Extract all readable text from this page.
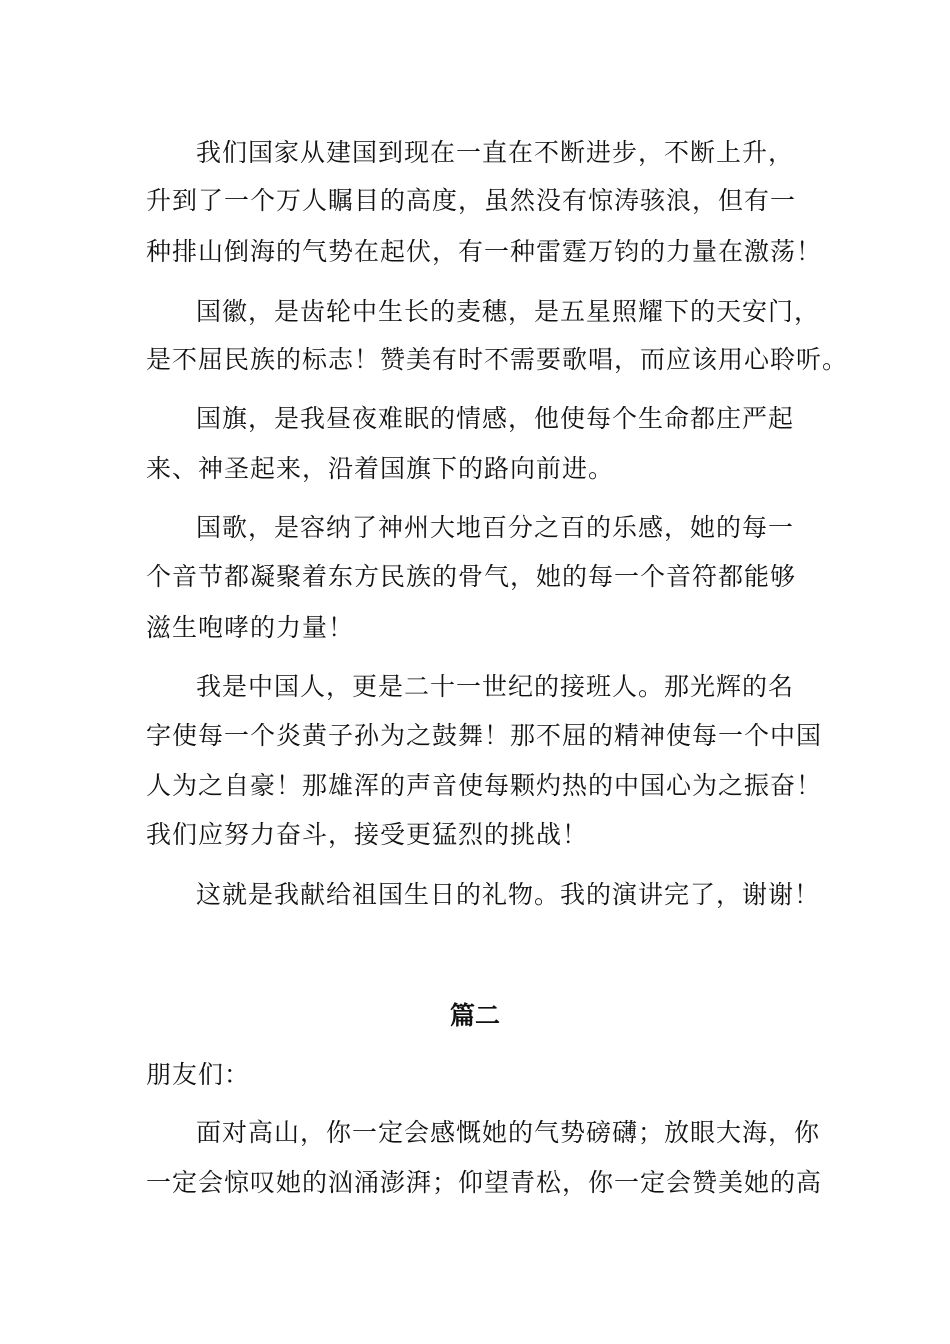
我们国家从建国到现在一直在不断进步，不断上升，
升到了一个万人瞩目的高度，虽然没有惊涛骇浪，但有一
种排山倒海的气势在起伏，有一种雷霆万钧的力量在激荡！
国徽，是齿轮中生长的麦穗，是五星照耀下的天安门，
是不屈民族的标志！赞美有时不需要歌唱，而应该用心聆听。
国旗，是我昼夜难眠的情感，他使每个生命都庄严起
来、神圣起来，沿着国旗下的路向前进。
国歌，是容纳了神州大地百分之百的乐感，她的每一
个音节都凝聚着东方民族的骨气，她的每一个音符都能够
滋生咆哮的力量！
我是中国人，更是二十一世纪的接班人。那光辉的名
字使每一个炎黄子孙为之鼓舞！那不屈的精神使每一个中国
人为之自豪！那雄浑的声音使每颗灼热的中国心为之振奋！
我们应努力奋斗，接受更猛烈的挑战！
这就是我献给祖国生日的礼物。我的演讲完了，谢谢！
篇二
朋友们：
面对高山，你一定会感慨她的气势磅礴；放眼大海，你
一定会惊叹她的汹涌澎湃；仰望青松，你一定会赞美她的高
